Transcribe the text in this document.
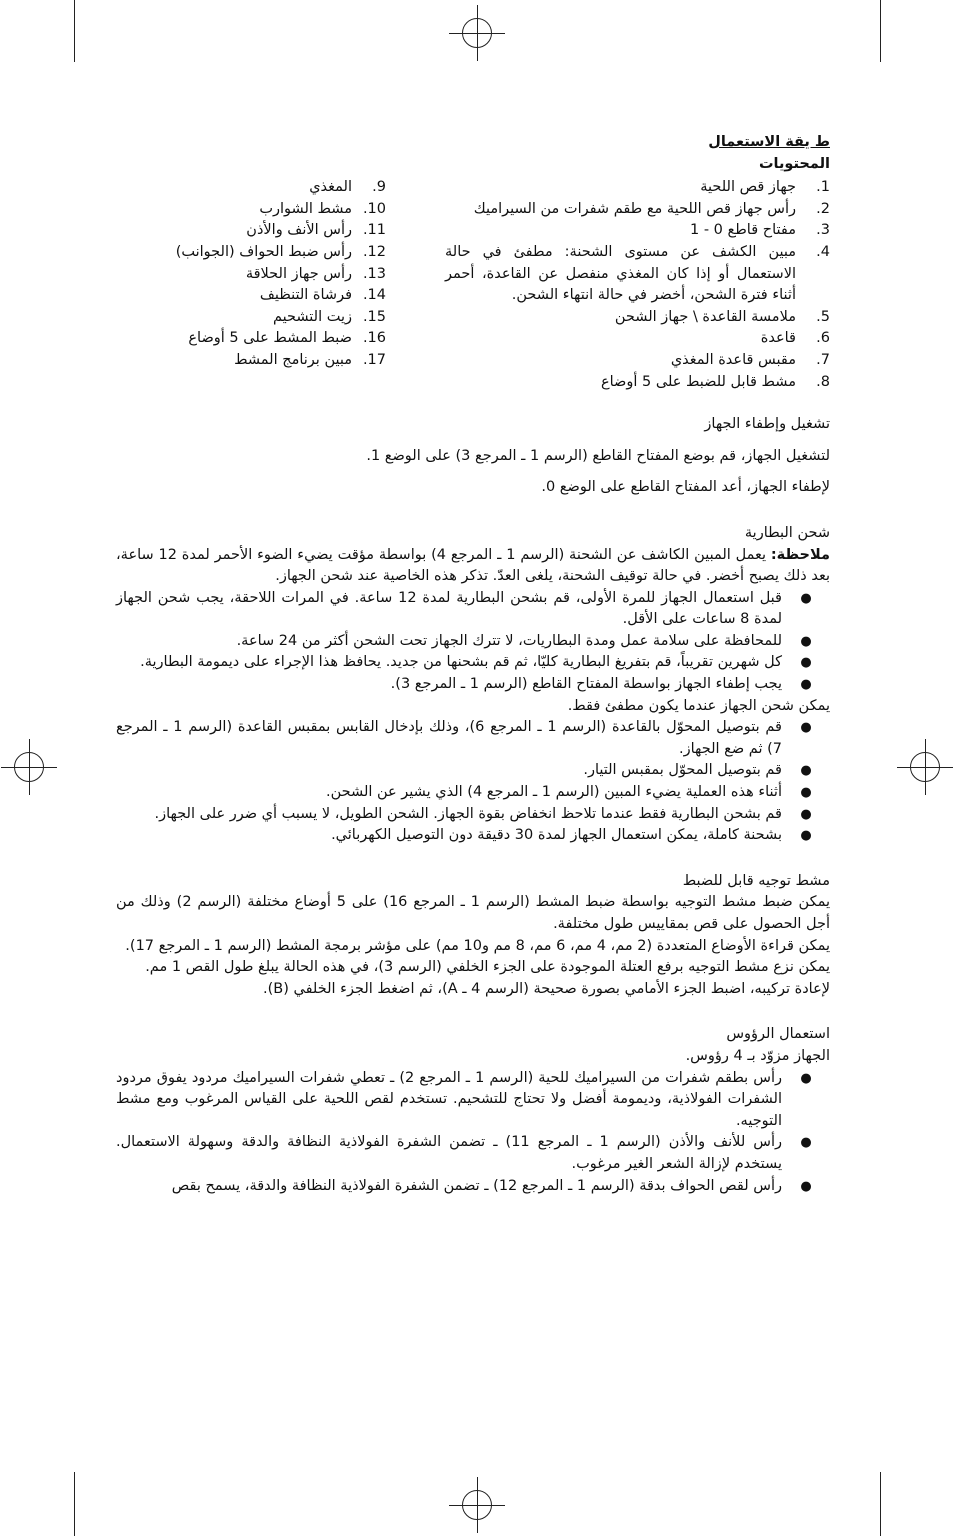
ط يقة الاستعمال

المحتويات

1.
جهاز قص اللحية
2.
رأس جهاز قص اللحية مع طقم شفرات من السيراميك
3.
مفتاح قاطع 0 - 1
4.
مبين الكشف عن مستوى الشحنة: مطفئ في حالة الاستعمال أو إذا كان المغذي منفصل عن القاعدة، أحمر أثناء فترة الشحن، أخضر في حالة انتهاء الشحن.
5.
ملامسة القاعدة \ جهاز الشحن
6.
قاعدة
7.
مقبس قاعدة المغذي
8.
مشط قابل للضبط على 5 أوضاع
9.
المغذي
10.
مشط الشوارب
11.
رأس الأنف والأذن
12.
رأس ضبط الحواف (الجوانب)
13.
رأس جهاز الحلاقة
14.
فرشاة التنظيف
15.
زيت التشحيم
16.
ضبط المشط على 5 أوضاع
17.
مبين برنامج المشط

تشغيل وإطفاء الجهاز

لتشغيل الجهاز، قم بوضع المفتاح القاطع (الرسم 1 ـ المرجع 3) على الوضع 1.

لإطفاء الجهاز، أعد المفتاح القاطع على الوضع 0.

شحن البطارية

ملاحظة: يعمل المبين الكاشف عن الشحنة (الرسم 1 ـ المرجع 4) بواسطة مؤقت يضيء الضوء الأحمر لمدة 12 ساعة، بعد ذلك يصبح أخضر. في حالة توقيف الشحنة، يلغى العدّ. تذكر هذه الخاصية عند شحن الجهاز.

●
قبل استعمال الجهاز للمرة الأولى، قم بشحن البطارية لمدة 12 ساعة. في المرات اللاحقة، يجب شحن الجهاز لمدة 8 ساعات على الأقل.
●
للمحافظة على سلامة عمل ومدة البطاريات، لا تترك الجهاز تحت الشحن أكثر من 24 ساعة.
●
كل شهرين تقريباً، قم بتفريغ البطارية كليّا، ثم قم بشحنها من جديد. يحافظ هذا الإجراء على ديمومة البطارية.
●
يجب إطفاء الجهاز بواسطة المفتاح القاطع (الرسم 1 ـ المرجع 3).

يمكن شحن الجهاز عندما يكون مطفئ فقط.

●
قم بتوصيل المحوّل بالقاعدة (الرسم 1 ـ المرجع 6)، وذلك بإدخال القابس بمقبس القاعدة (الرسم 1 ـ المرجع 7) ثم ضع الجهاز.
●
قم بتوصيل المحوّل بمقبس التيار.
●
أثناء هذه العملية يضيء المبين (الرسم 1 ـ المرجع 4) الذي يشير عن الشحن.
●
قم بشحن البطارية فقط عندما تلاحظ انخفاض بقوة الجهاز. الشحن الطويل، لا يسبب أي ضرر على الجهاز.
●
بشحنة كاملة، يمكن استعمال الجهاز لمدة 30 دقيقة دون التوصيل الكهربائي.

مشط توجيه قابل للضبط

يمكن ضبط مشط التوجيه بواسطة ضبط المشط (الرسم 1 ـ المرجع 16) على 5 أوضاع مختلفة (الرسم 2) وذلك من أجل الحصول على قص بمقاييس طول مختلفة.

يمكن قراءة الأوضاع المتعددة (2 مم، 4 مم، 6 مم، 8 مم و10 مم) على مؤشر برمجة المشط (الرسم 1 ـ المرجع 17).

يمكن نزع مشط التوجيه برفع العتلة الموجودة على الجزء الخلفي (الرسم 3)، في هذه الحالة يبلغ طول القص 1 مم.

لإعادة تركيبه، اضبط الجزء الأمامي بصورة صحيحة (الرسم 4 ـ A)، ثم اضغط الجزء الخلفي (B).

استعمال الرؤوس

الجهاز مزوّد بـ 4 رؤوس.

●
رأس بطقم شفرات من السيراميك للحية (الرسم 1 ـ المرجع 2) ـ تعطي شفرات السيراميك مردود يفوق مردود الشفرات الفولاذية، وديمومة أفضل ولا تحتاج للتشحيم. تستخدم لقص اللحية على القياس المرغوب ومع مشط التوجيه.
●
رأس للأنف والأذن (الرسم 1 ـ المرجع 11) ـ تضمن الشفرة الفولاذية النظافة والدقة وسهولة الاستعمال. يستخدم لإزالة الشعر الغير مرغوب.
●
رأس لقص الحواف بدقة (الرسم 1 ـ المرجع 12) ـ تضمن الشفرة الفولاذية النظافة والدقة، يسمح بقص
